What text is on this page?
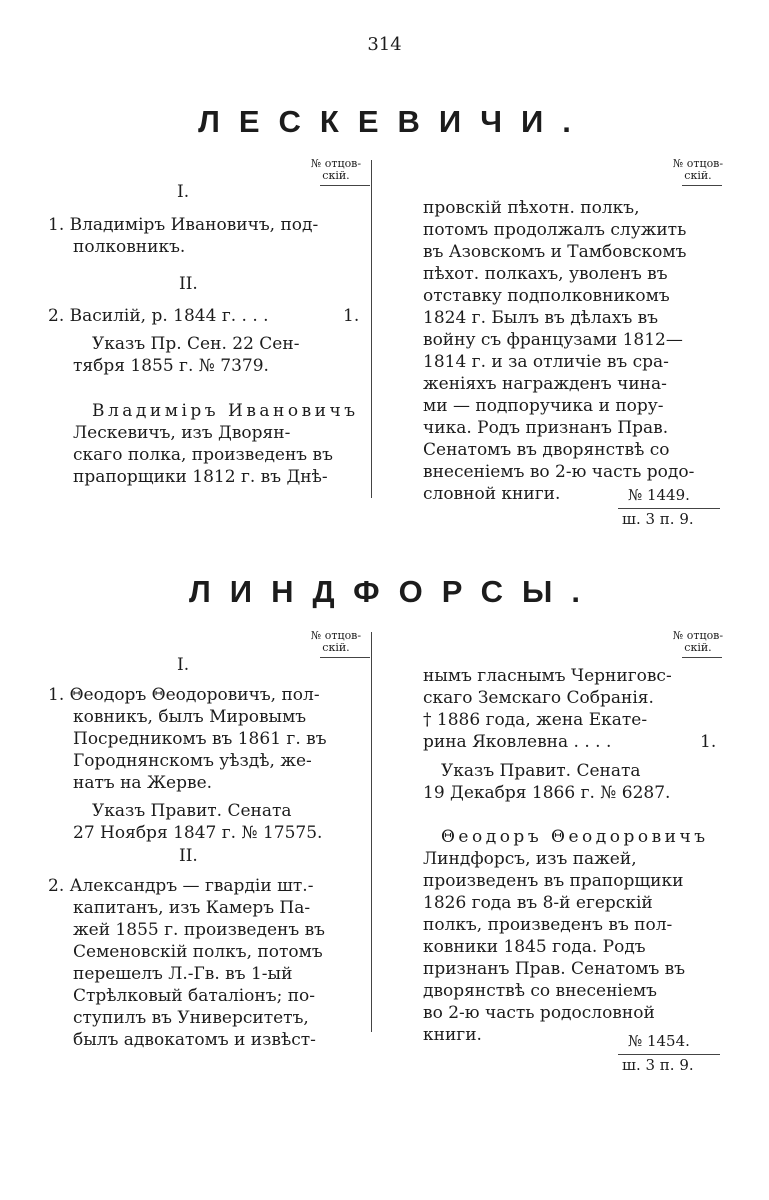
314
ЛЕСКЕВИЧИ.
№ отцов-
скій.
№ отцов-
скій.
I.
1. Владиміръ Ивановичъ, под-
полковникъ.
II.
2. Василій, р. 1844 г. . . .	1.
Указъ Пр. Сен. 22 Сен-
тября 1855 г. № 7379.
Владиміръ Ивановичъ
Лескевичъ, изъ Дворян-
скаго полка, произведенъ въ
прапорщики 1812 г. въ Днѣ-
провскій пѣхотн. полкъ,
потомъ продолжалъ служить
въ Азовскомъ и Тамбовскомъ
пѣхот. полкахъ, уволенъ въ
отставку подполковникомъ
1824 г. Былъ въ дѣлахъ въ
войну съ французами 1812—
1814 г. и за отличіе въ сра-
женіяхъ награжденъ чина-
ми — подпоручика и пору-
чика. Родъ признанъ Прав.
Сенатомъ въ дворянствѣ со
внесеніемъ во 2-ю часть родо-
словной книги.	№ 1449.
ш. 3 п. 9.
ЛИНДФОРСЫ.
№ отцов-
скій.
№ отцов-
скій.
I.
1. Θеодоръ Θеодоровичъ, пол-
ковникъ, былъ Мировымъ
Посредникомъ въ 1861 г. въ
Городнянскомъ уѣздѣ, же-
натъ на Жерве.
Указъ Правит. Сената
27 Ноября 1847 г. № 17575.
II.
2. Александръ — гвардіи шт.-
капитанъ, изъ Камеръ Па-
жей 1855 г. произведенъ въ
Семеновскій полкъ, потомъ
перешелъ Л.-Гв. въ 1-ый
Стрѣлковый баталіонъ; по-
ступилъ въ Университетъ,
былъ адвокатомъ и извѣст-
нымъ гласнымъ Черниговс-
скаго Земскаго Собранія.
† 1886 года, жена Екате-
рина Яковлевна . . . .	1.
Указъ Правит. Сената
19 Декабря 1866 г. № 6287.
Θеодоръ Θеодоровичъ
Линдфорсъ, изъ пажей,
произведенъ въ прапорщики
1826 года въ 8-й егерскій
полкъ, произведенъ въ пол-
ковники 1845 года. Родъ
признанъ Прав. Сенатомъ въ
дворянствѣ со внесеніемъ
во 2-ю часть родословной
книги.	№ 1454.
ш. 3 п. 9.
